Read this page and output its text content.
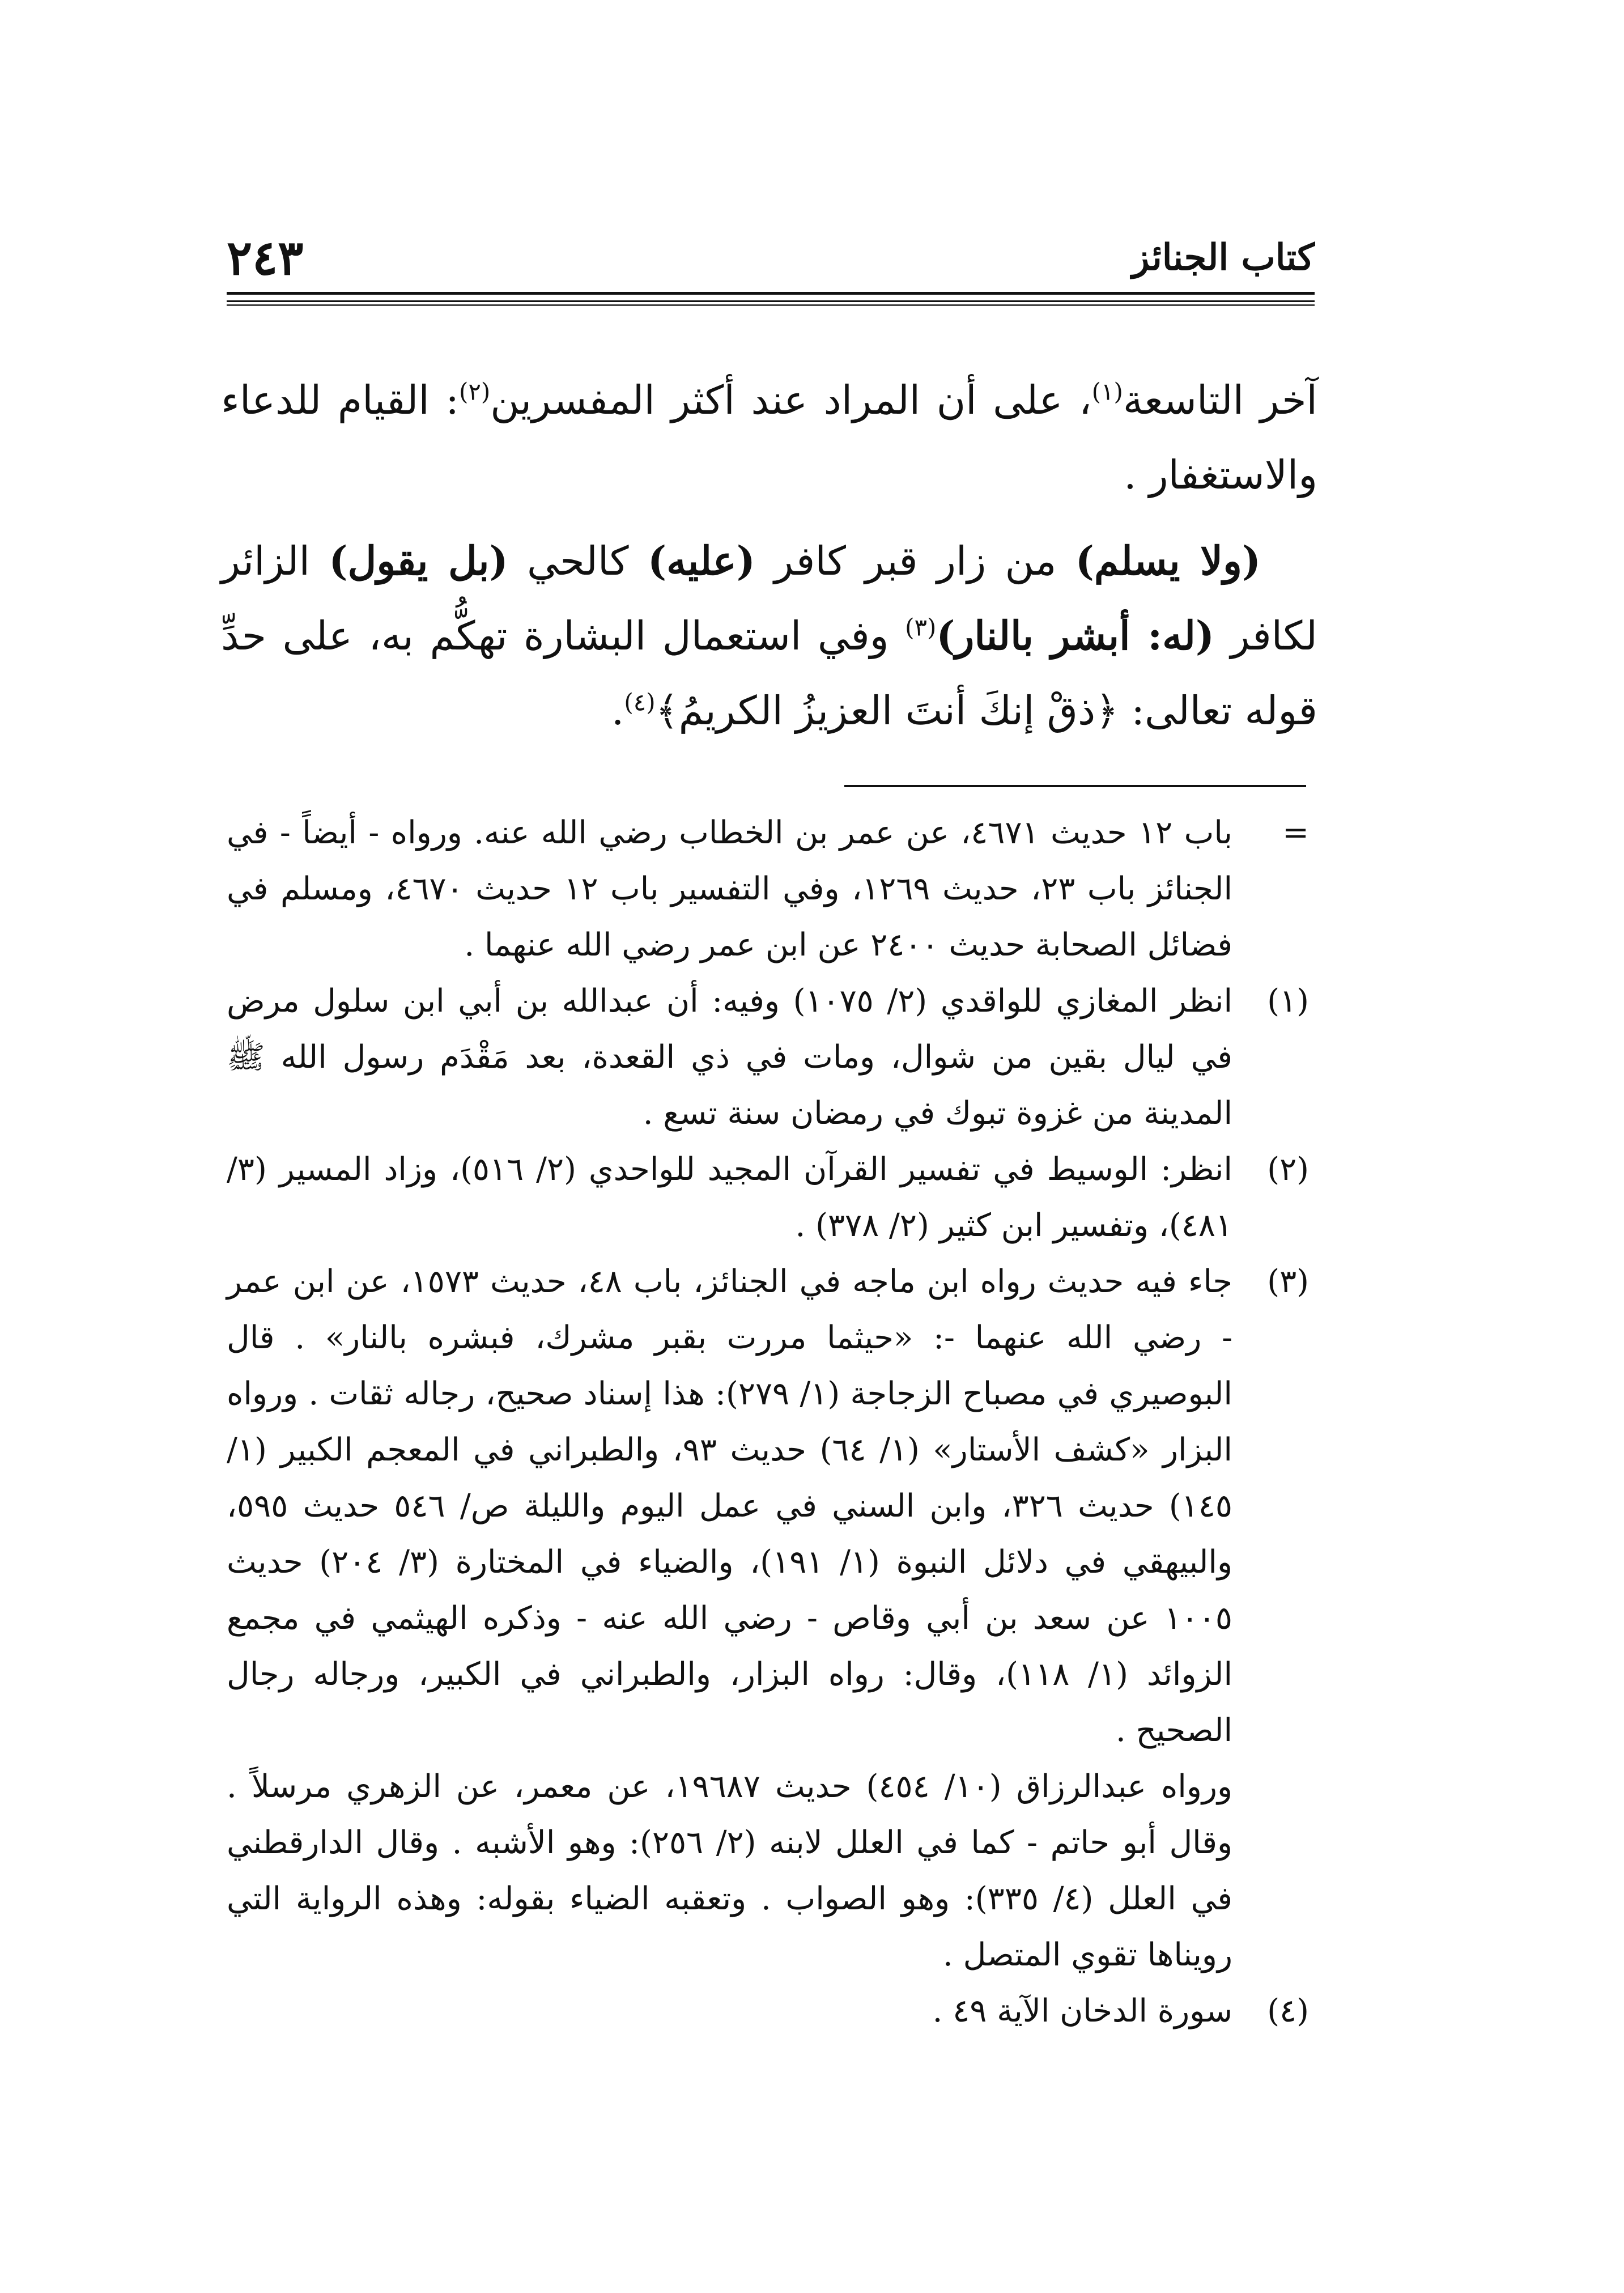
كتاب الجنائز
٢٤٣

آخر التاسعة$^{(١)}$، على أن المراد عند أكثر المفسرين$^{(٢)}$: القيام للدعاء والاستغفار .

(ولا يسلم) من زار قبر كافر (عليه) كالحي (بل يقول) الزائر لكافر (له: أبشر بالنار)$^{(٣)}$ وفي استعمال البشارة تهكُّم به، على حدِّ قوله تعالى: ﴿ذقْ إنكَ أنتَ العزيزُ الكريمُ﴾$^{(٤)}$.

=
باب ١٢ حديث ٤٦٧١، عن عمر بن الخطاب رضي الله عنه. ورواه - أيضاً - في الجنائز باب ٢٣، حديث ١٢٦٩، وفي التفسير باب ١٢ حديث ٤٦٧٠، ومسلم في فضائل الصحابة حديث ٢٤٠٠ عن ابن عمر رضي الله عنهما .
(١)
انظر المغازي للواقدي (٢/ ١٠٧٥) وفيه: أن عبدالله بن أبي ابن سلول مرض في ليال بقين من شوال، ومات في ذي القعدة، بعد مَقْدَم رسول الله ﷺ المدينة من غزوة تبوك في رمضان سنة تسع .
(٢)
انظر: الوسيط في تفسير القرآن المجيد للواحدي (٢/ ٥١٦)، وزاد المسير (٣/ ٤٨١)، وتفسير ابن كثير (٢/ ٣٧٨) .
(٣)
جاء فيه حديث رواه ابن ماجه في الجنائز، باب ٤٨، حديث ١٥٧٣، عن ابن عمر - رضي الله عنهما -: «حيثما مررت بقبر مشرك، فبشره بالنار» . قال البوصيري في مصباح الزجاجة (١/ ٢٧٩): هذا إسناد صحيح، رجاله ثقات . ورواه البزار «كشف الأستار» (١/ ٦٤) حديث ٩٣، والطبراني في المعجم الكبير (١/ ١٤٥) حديث ٣٢٦، وابن السني في عمل اليوم والليلة ص/ ٥٤٦ حديث ٥٩٥، والبيهقي في دلائل النبوة (١/ ١٩١)، والضياء في المختارة (٣/ ٢٠٤) حديث ١٠٠٥ عن سعد بن أبي وقاص - رضي الله عنه - وذكره الهيثمي في مجمع الزوائد (١/ ١١٨)، وقال: رواه البزار، والطبراني في الكبير، ورجاله رجال الصحيح .
ورواه عبدالرزاق (١٠/ ٤٥٤) حديث ١٩٦٨٧، عن معمر، عن الزهري مرسلاً . وقال أبو حاتم - كما في العلل لابنه (٢/ ٢٥٦): وهو الأشبه . وقال الدارقطني في العلل (٤/ ٣٣٥): وهو الصواب . وتعقبه الضياء بقوله: وهذه الرواية التي رويناها تقوي المتصل .
(٤)
سورة الدخان الآية ٤٩ .
